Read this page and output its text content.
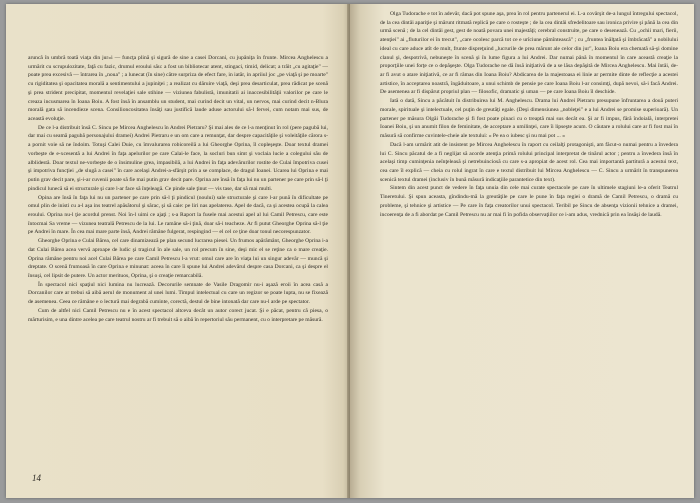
aruncă în umbră toată viaţa din jur«i — funcţa plină şi sigură de sine a casei Dorcani, cu jupâniţa în frunte. Mircea Anghelescu a urmărit cu scrupulozitate, faţă cu fazic, drumul eroului său: a fost un bibliotecar atent, stingaci, timid, delicat; a trăit „cu agitaţie" — poate prea excesivă — întrarea în „noua" ; a lunecat (în sine) către surpriza de efect fare, in iatăr, in apriiul joc „pe viaţă şi pe moarte" cu rigiditatea şi opacitatea morală a sentimentului a jupiniţei ; a realizat cu dăruire viaţă, deşi prea desarticulat, prea rădicat pe scenă şi prea strident precipitat, momentul revelaţiei sale stihine — viziunea fabulistă, imunitatii ai inaccesibilităţii valorilor pe care le creaza incusmarea în Ioana Boiu. A fost însă în ansamblu un student, mai curind decit un vital, un nervos, mai curind decit n-Blura morală gata să incendieze scena. Consilioncositatea însăţi sau justifică laude aduse actorului să-l fervei, cum notam mai sus, de această evoluţie.

De ce l-a distribuit însă C. Sincu pe Mircea Anghelescu în Andrei Pietraru? Şi mai ales de ce l-a menţinut în rol (pere pagubă lui, dar mai cu seamă pagubă personajului dramei) Andrei Pietraru e un om care a remunţat, dar despre capacităţile şi voleităţile cărora s-a pornit voie să ne îndoim. Totuşi Calei Duie, cu îmvalurarea robicoreilă a lui Gheorghe Oprina, îl copleşeşte. Doar textul dramei vorbeşte de e-xcesentă a lui Andrei în faţa apelurilor pe care Calai-le face, la socluri bun simt şi voclaia lucie a colegului său de alblidestă. Doar textul ne-vorbeşte de o însimuline grea, impasibilă, a lui Andrei în faţa adevărurilor rostite de Culai împotriva cusei şi impotriva funcţiei „de slugă a casei" în care acelaşi Andrei-a-sfârşit prin a se complace, de dragul Ioanei. Ucarea lui Oprina e mai putin grav decit pare, şi-i-ar cuvenii poate să fie mai putin grav decit pare. Oprina are însă în faţa lui nu un partener pe care prin să-l ţi pindicul lunecă să ei structurale şi care l-ar face să înţeleagă. Ce pinde sale ţinut — vis tase, dar să mai multi.

Opina are însă în faţa lui nu un partener pe care prin să-l ţi pindicul (noului) sale structurale şi care l-ar pună în dificultate pe omul plin de inisti cu a-l aşa ins teatrel apăsătorul şi sărac, şi să caie: pe liri nas apelaterea. Apel de dacă, ca şi acestea ocupă la calea eroului. Oprina nu-l ţie acordul prenst. Noi în-l uimi ce ajaţi ; s-a Raport la fusele mai acestui apel al lui Camil Petrescu, care este întocmai Sa vreme — vizunea teatrală Petrescu de la lui. Le ramâne să-i ţină, doar să-i teacheze. Ar fi putut Gheorghe Oprina să-l ţie pe Andrei în mare. În cea mai mare parte însă, Andrei rămâne fulgerat, respingind — el cel ce ţine doar tonul necorespunzator.

Gheorghe Oprina e Culai Bărea, cel care dinamizează pe plan secund lucrarea piesei. Un frumos apărământ, Gheorghe Oprina i-a dat Culai Bărea acea vervă aproape de ludic şi tragicul în ale sale, un rol precum în sine, deşi mic el se reţine ca o mare creaţie. Oprina rămâne pentru noi acel Culai Bărea pe care Camil Petrescu l-a vrut: omul care are în viaţa lui un singur adevăr — muncă şi dreptate. O scenă frumoasă în care Oprina e minunat: aceea în care îi spune lui Andrei adevărul despre casa Dorcani, ca şi despre el însuşi, cel lipsit de putere. Un actor merituos, Oprina, şi o creaţie remarcabilă.

În spectacol nici spaţiul nici lumina nu lucrează. Decorurile semnate de Vasile Dragomir nu-i aşază eroii în acea casă a Dorcanilor care ar trebui să aibă aerul de monument al unei lumi. Timpul intelectual cu care un regizor se poate lupta, nu se fixează de asemenea. Ceea ce rămâne e o lectură mai degrabă cuminte, corectă, destul de bine intonată dar care nu-l arde pe spectator.

Cum de altfel nici Camil Petrescu nu e în acest spectacol altceva decât un autor corect jucat. Şi e păcat, pentru că piesa, o mărturisim, e una dintre acelea pe care teatrul nostru ar fi trebuit să o aibă în repertoriul său permanent, cu o interpretare pe măsură.

14

Olga Tudorache e tot în adevăr, dacă pot spune aşa, prea în rol pentru partenerul ei. L-a covârşit de-a lungul întregului spectacol, de la cea dintâi apariţie şi mărunt ritmată replică pe care o rosteşte ; de la cea dintâi sfredelitoare sau ironica privire şi până la cea din urmă scenă ; de la cel dintâi gest, gest de noată povara unei majestăţi; cerebral construite, pe care o desenează. Cu „ochii mari, fierii, atenţiei" ai „fluturilor ei în trecut", „care ocolesc parcă tot ce e urîciune pămîntească" ; cu „fruntea înălţată şi îmbrăcată" a nobilului ideal cu care aduce atît de mult, frunte dispreţuind „lucrurile de prea mărunt ale celor din jur", Ioana Boiu era chemată să-şi domine clanul şi, despotrivă, nebuneşte în scenă şi în lume figura a lui Andrei. Dar numai până în momentul în care această creaţie la proporţiile unei forţe ce o depăşeşte. Olga Tudorache ne dă însă iniţiativă de a se lăsa depăşită de Mircea Anghelescu. Mai întâi, de-ar fi avut o atare iniţiativă, ce ar fi rămas din Ioana Boiu? Abdicarea de la majestoasa ei linie ar permite dinte de reflecţie a acestei artistice, în acceptarea noastră, îngăduitoare, a unui schimb de pensie pe care Ioana Boiu l-ar consimţi, după nevoi, să-i facă Andrei. De asemenea ar fi dispărut propriul plan — filosofic, dramatic şi uman — pe care Ioana Boiu îl deschide.

Iată o dată, Sincu a păcătuit în distribuirea lui M. Anghelescu. Drama lui Andrei Pietraru presupune înfruntarea a două puteri morale, spirituale şi intelectuale, cel puţin de greutăţi egale. (Deşi dimensiunea „nobleţei" e a lui Andrei se promise superioară). Un partener pe măsura Olgăi Tudorache şi fi fost poate pinaci cu o treaptă mai sus decât ea. Şi ar fi impus, fără îndoială, interpretei Ioanei Boiu, şi un anumit filon de feminitate, de acceptare a umilinţei, care îi lipseşte acum. O căutare a rolului care ar fi fost mai în măsură să confirme cuvintele-cheie ale textului: « Pe ea o iubesc şi nu mai pot ... »

Dacă l-am urmărit atit de insistent pe Mircea Anghelescu în raport cu ceilalţi protagonişti, am făcut-o numai pentru a învedera lui C. Sincu păcatul de a fi neglijat să acorde atenţia primă rolului principal interpretat de tinărul actor ; pentru a învedera însă în acelaşi timp cuminţenia neînţeleasă şi netrebuinciosă cu care s-a apropiat de acest rol. Cea mai importantă partitură a acestui text, cea care îl explică — cheia cu rolul ingrat în care e textul distribuit lui Mircea Anghelescu — C. Sincu a urmărit în transpunerea scenică textul dramei (inclusiv în bună măsură indicaţiile parantetice din text).

Sintem din acest punct de vedere în faţa unuia din cele mai curate spectacole pe care în ultimele stagiuni le-a oferit Teatrul Tineretului. Şi spun aceasta, gîndindu-mă la greutăţile pe care le pune în faţa regiei o dramă de Camil Petrescu, o dramă cu probleme, şi tehnice şi artistice — Pe care în faţa creatorilor unui spectacol. Teribil pe Sincu de absenţa vizionii tehnice a dramei, incoerenţa de a fi abordat pe Camil Petrescu nu ar mai fi în pofida observaţiilor ce i-am adus, vrednică prin ea însăşi de laudă.
